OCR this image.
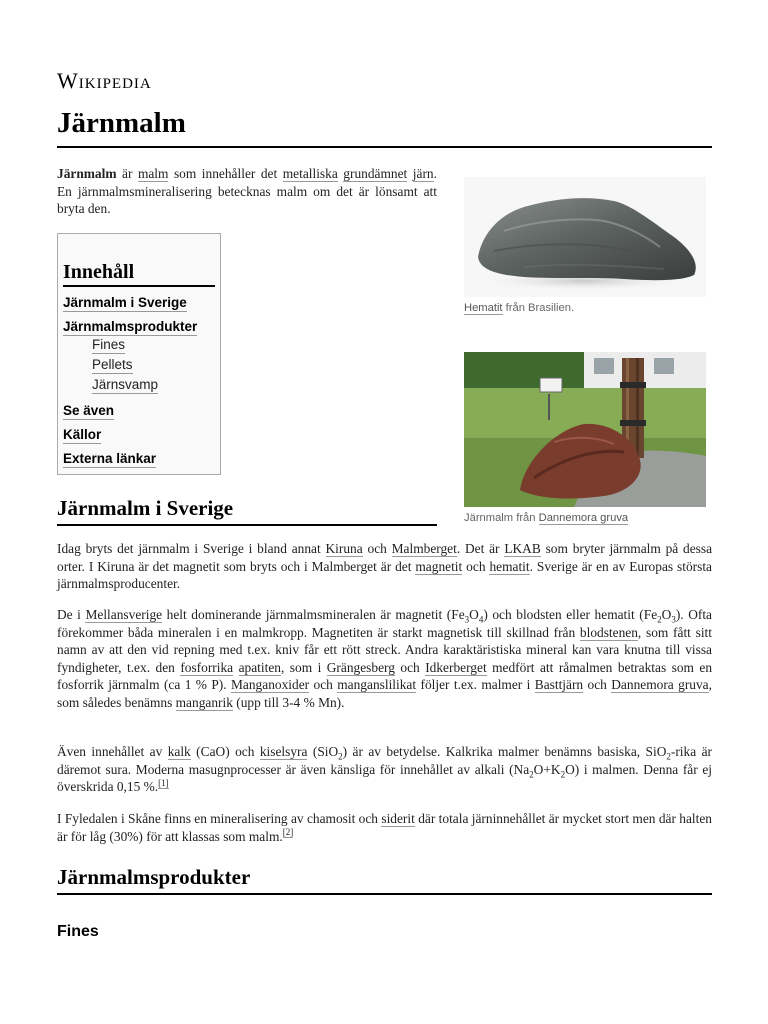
Wikipedia
Järnmalm

Järnmalm är malm som innehåller det metalliska grundämnet järn. En järnmalmsmineralisering betecknas malm om det är lönsamt att bryta den.

Innehåll
Järnmalm i Sverige
Järnmalmsprodukter
Fines
Pellets
Järnsvamp
Se även
Källor
Externa länkar
Hematit från Brasilien.
Järnmalm från Dannemora gruva
Järnmalm i Sverige

Idag bryts det järnmalm i Sverige i bland annat Kiruna och Malmberget. Det är LKAB som bryter järnmalm på dessa orter. I Kiruna är det magnetit som bryts och i Malmberget är det magnetit och hematit. Sverige är en av Europas största järnmalmsproducenter.

De i Mellansverige helt dominerande järnmalmsmineralen är magnetit $(Fe_3O_4)$ och blodsten eller hematit $(Fe_2O_3)$. Ofta förekommer båda mineralen i en malmkropp. Magnetiten är starkt magnetisk till skillnad från blodstenen, som fått sitt namn av att den vid repning med t.ex. kniv får ett rött streck. Andra karaktäristiska mineral kan vara knutna till vissa fyndigheter, t.ex. den fosforrika apatiten, som i Grängesberg och Idkerberget medfört att råmalmen betraktas som en fosforrik järnmalm (ca 1 % P). Manganoxider och manganslilikat följer t.ex. malmer i Basttjärn och Dannemora gruva, som således benämns manganrik (upp till 3-4 % Mn).

Även innehållet av kalk (CaO) och kiselsyra (SiO$_2$) är av betydelse. Kalkrika malmer benämns basiska, SiO$_2$-rika är däremot sura. Moderna masugnprocesser är även känsliga för innehållet av alkali $(Na_2O+K_2O)$ i malmen. Denna får ej överskrida 0,15 %.[1]

I Fyledalen i Skåne finns en mineralisering av chamosit och siderit där totala järninnehållet är mycket stort men där halten är för låg (30%) för att klassas som malm.[2]

Järnmalmsprodukter
Fines
